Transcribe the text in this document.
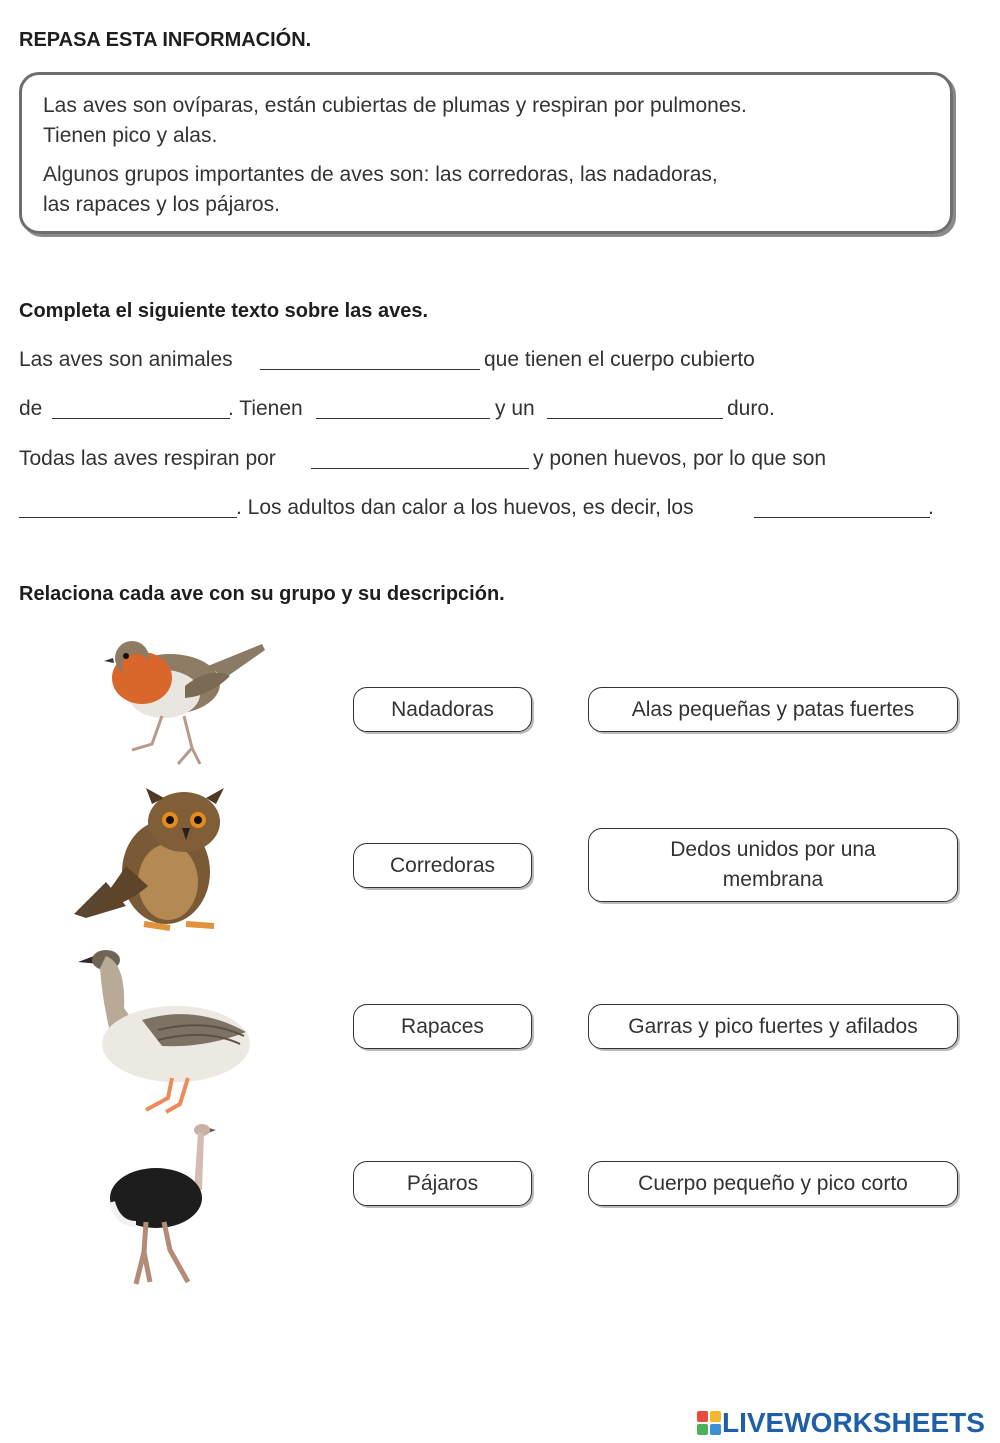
REPASA ESTA INFORMACIÓN.
Las aves son ovíparas, están cubiertas de plumas y respiran por pulmones.
Tienen pico y alas.
Algunos grupos importantes de aves son: las corredoras, las nadadoras,
las rapaces y los pájaros.
Completa el siguiente texto sobre las aves.
Las aves son animales	que tienen el cuerpo cubierto
de	. Tienen	y un	duro.
Todas las aves respiran por	y ponen huevos, por lo que son
. Los adultos dan calor a los huevos, es decir, los	.
Relaciona cada ave con su grupo y su descripción.
Nadadoras
Corredoras
Rapaces
Pájaros
Alas pequeñas y patas fuertes
Dedos unidos por una membrana
Garras y pico fuertes y afilados
Cuerpo pequeño y pico corto
LIVEWORKSHEETS
